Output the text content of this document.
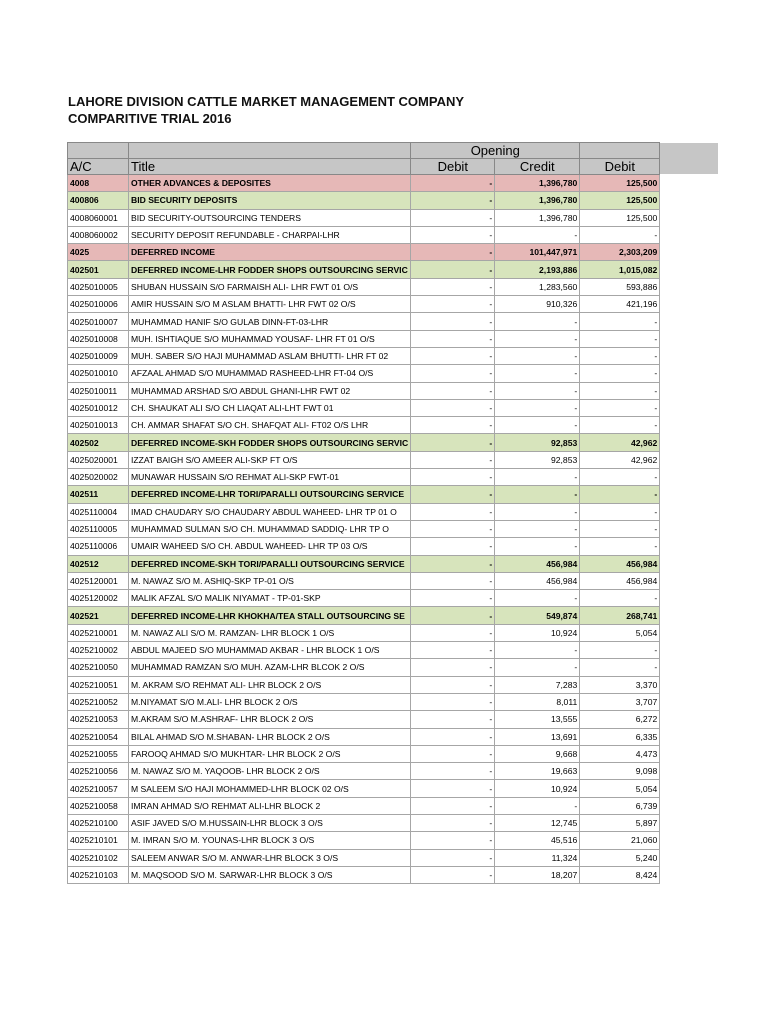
LAHORE DIVISION CATTLE MARKET MANAGEMENT COMPANY
COMPARITIVE TRIAL 2016
		Opening		
A/C	Title	Debit	Credit	Debit
4008	OTHER ADVANCES & DEPOSITES	-	1,396,780	125,500
400806	BID SECURITY DEPOSITS	-	1,396,780	125,500
4008060001	BID SECURITY-OUTSOURCING TENDERS	-	1,396,780	125,500
4008060002	SECURITY DEPOSIT REFUNDABLE - CHARPAI-LHR	-	-	-
4025	DEFERRED INCOME	-	101,447,971	2,303,209
402501	DEFERRED INCOME-LHR FODDER SHOPS OUTSOURCING SERVIC	-	2,193,886	1,015,082
4025010005	SHUBAN HUSSAIN S/O FARMAISH ALI- LHR FWT 01 O/S	-	1,283,560	593,886
4025010006	AMIR HUSSAIN S/O M ASLAM BHATTI- LHR FWT 02 O/S	-	910,326	421,196
4025010007	MUHAMMAD HANIF S/O GULAB DINN-FT-03-LHR	-	-	-
4025010008	MUH. ISHTIAQUE S/O MUHAMMAD YOUSAF- LHR FT 01 O/S	-	-	-
4025010009	MUH. SABER S/O HAJI MUHAMMAD ASLAM BHUTTI- LHR FT 02	-	-	-
4025010010	AFZAAL AHMAD S/O MUHAMMAD RASHEED-LHR FT-04 O/S	-	-	-
4025010011	MUHAMMAD ARSHAD S/O ABDUL GHANI-LHR FWT 02	-	-	-
4025010012	CH. SHAUKAT ALI S/O CH LIAQAT ALI-LHT FWT 01	-	-	-
4025010013	CH. AMMAR SHAFAT S/O CH. SHAFQAT ALI- FT02 O/S LHR	-	-	-
402502	DEFERRED INCOME-SKH FODDER SHOPS OUTSOURCING SERVIC	-	92,853	42,962
4025020001	IZZAT BAIGH S/O AMEER ALI-SKP FT O/S	-	92,853	42,962
4025020002	MUNAWAR HUSSAIN S/O REHMAT ALI-SKP FWT-01	-	-	-
402511	DEFERRED INCOME-LHR TORI/PARALLI OUTSOURCING SERVICE	-	-	-
4025110004	IMAD CHAUDARY S/O CHAUDARY ABDUL WAHEED- LHR TP 01 O	-	-	-
4025110005	MUHAMMAD SULMAN S/O CH. MUHAMMAD SADDIQ- LHR TP O	-	-	-
4025110006	UMAIR WAHEED S/O CH. ABDUL WAHEED- LHR TP 03 O/S	-	-	-
402512	DEFERRED INCOME-SKH TORI/PARALLI OUTSOURCING SERVICE	-	456,984	456,984
4025120001	M. NAWAZ S/O M. ASHIQ-SKP TP-01 O/S	-	456,984	456,984
4025120002	MALIK AFZAL S/O MALIK NIYAMAT - TP-01-SKP	-	-	-
402521	DEFERRED INCOME-LHR KHOKHA/TEA STALL OUTSOURCING SE	-	549,874	268,741
4025210001	M. NAWAZ ALI S/O M. RAMZAN- LHR BLOCK 1 O/S	-	10,924	5,054
4025210002	ABDUL MAJEED S/O MUHAMMAD AKBAR - LHR BLOCK 1 O/S	-	-	-
4025210050	MUHAMMAD RAMZAN S/O MUH. AZAM-LHR BLCOK 2 O/S	-	-	-
4025210051	M. AKRAM S/O REHMAT ALI- LHR BLOCK 2 O/S	-	7,283	3,370
4025210052	M.NIYAMAT S/O M.ALI- LHR BLOCK 2 O/S	-	8,011	3,707
4025210053	M.AKRAM S/O M.ASHRAF- LHR BLOCK 2 O/S	-	13,555	6,272
4025210054	BILAL AHMAD S/O M.SHABAN- LHR BLOCK 2 O/S	-	13,691	6,335
4025210055	FAROOQ AHMAD S/O MUKHTAR- LHR BLOCK 2 O/S	-	9,668	4,473
4025210056	M. NAWAZ S/O M. YAQOOB- LHR BLOCK 2 O/S	-	19,663	9,098
4025210057	M SALEEM S/O HAJI MOHAMMED-LHR BLOCK 02 O/S	-	10,924	5,054
4025210058	IMRAN AHMAD S/O REHMAT ALI-LHR BLOCK 2	-	-	6,739
4025210100	ASIF JAVED S/O M.HUSSAIN-LHR BLOCK 3 O/S	-	12,745	5,897
4025210101	M. IMRAN S/O M. YOUNAS-LHR BLOCK 3 O/S	-	45,516	21,060
4025210102	SALEEM ANWAR S/O M. ANWAR-LHR BLOCK 3 O/S	-	11,324	5,240
4025210103	M. MAQSOOD S/O M. SARWAR-LHR BLOCK 3 O/S	-	18,207	8,424
